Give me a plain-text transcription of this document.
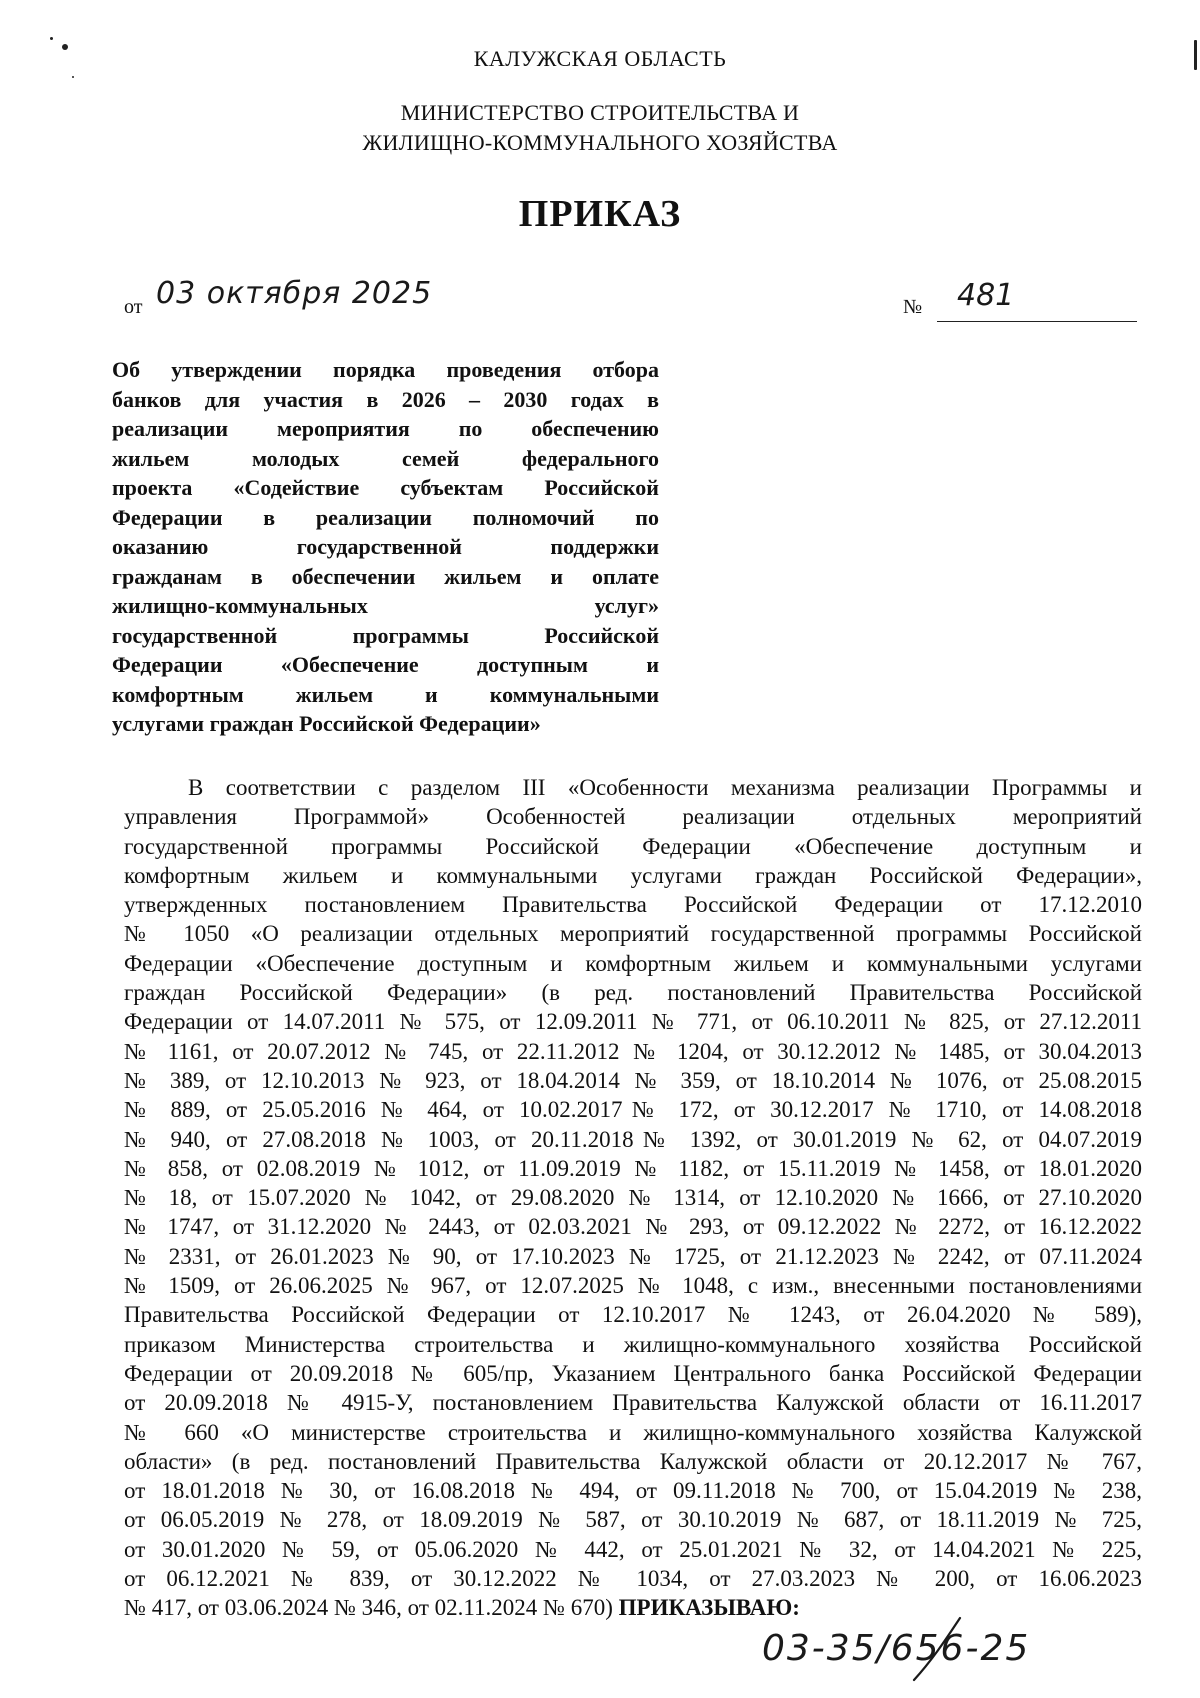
КАЛУЖСКАЯ ОБЛАСТЬ
МИНИСТЕРСТВО СТРОИТЕЛЬСТВА И
ЖИЛИЩНО-КОММУНАЛЬНОГО ХОЗЯЙСТВА
ПРИКАЗ
от 03 октября 2025	№ 481
Об утверждении порядка проведения отбора
банков для участия в 2026 – 2030 годах в
реализации мероприятия по обеспечению
жильем молодых семей федерального
проекта «Содействие субъектам Российской
Федерации в реализации полномочий по
оказанию государственной поддержки
гражданам в обеспечении жильем и оплате
жилищно-коммунальных услуг»
государственной программы Российской
Федерации «Обеспечение доступным и
комфортным жильем и коммунальными
услугами граждан Российской Федерации»
В соответствии с разделом III «Особенности механизма реализации Программы и
управления Программой» Особенностей реализации отдельных мероприятий
государственной программы Российской Федерации «Обеспечение доступным и
комфортным жильем и коммунальными услугами граждан Российской Федерации»,
утвержденных постановлением Правительства Российской Федерации от 17.12.2010
№ 1050 «О реализации отдельных мероприятий государственной программы Российской
Федерации «Обеспечение доступным и комфортным жильем и коммунальными услугами
граждан Российской Федерации» (в ред. постановлений Правительства Российской
Федерации от 14.07.2011 № 575, от 12.09.2011 № 771, от 06.10.2011 № 825, от 27.12.2011
№ 1161, от 20.07.2012 № 745, от 22.11.2012 № 1204, от 30.12.2012 № 1485, от 30.04.2013
№ 389, от 12.10.2013 № 923, от 18.04.2014 № 359, от 18.10.2014 № 1076, от 25.08.2015
№ 889, от 25.05.2016 № 464, от 10.02.2017№ 172, от 30.12.2017 № 1710, от 14.08.2018
№ 940, от 27.08.2018 № 1003, от 20.11.2018№ 1392, от 30.01.2019 № 62, от 04.07.2019
№ 858, от 02.08.2019 № 1012, от 11.09.2019 № 1182, от 15.11.2019 № 1458, от 18.01.2020
№ 18, от 15.07.2020 № 1042, от 29.08.2020 № 1314, от 12.10.2020 № 1666, от 27.10.2020
№ 1747, от 31.12.2020 № 2443, от 02.03.2021 № 293, от 09.12.2022 № 2272, от 16.12.2022
№ 2331, от 26.01.2023 № 90, от 17.10.2023 № 1725, от 21.12.2023 № 2242, от 07.11.2024
№ 1509, от 26.06.2025 № 967, от 12.07.2025 № 1048, с изм., внесенными постановлениями
Правительства Российской Федерации от 12.10.2017 № 1243, от 26.04.2020 № 589),
приказом Министерства строительства и жилищно-коммунального хозяйства Российской
Федерации от 20.09.2018 № 605/пр, Указанием Центрального банка Российской Федерации
от 20.09.2018 № 4915-У, постановлением Правительства Калужской области от 16.11.2017
№ 660 «О министерстве строительства и жилищно-коммунального хозяйства Калужской
области» (в ред. постановлений Правительства Калужской области от 20.12.2017 № 767,
от 18.01.2018 № 30, от 16.08.2018 № 494, от 09.11.2018 № 700, от 15.04.2019 № 238,
от 06.05.2019 № 278, от 18.09.2019 № 587, от 30.10.2019 № 687, от 18.11.2019 № 725,
от 30.01.2020 № 59, от 05.06.2020 № 442, от 25.01.2021 № 32, от 14.04.2021 № 225,
от 06.12.2021 № 839, от 30.12.2022 № 1034, от 27.03.2023 № 200, от 16.06.2023
№ 417, от 03.06.2024 № 346, от 02.11.2024 № 670) ПРИКАЗЫВАЮ:
03-35/656-25
